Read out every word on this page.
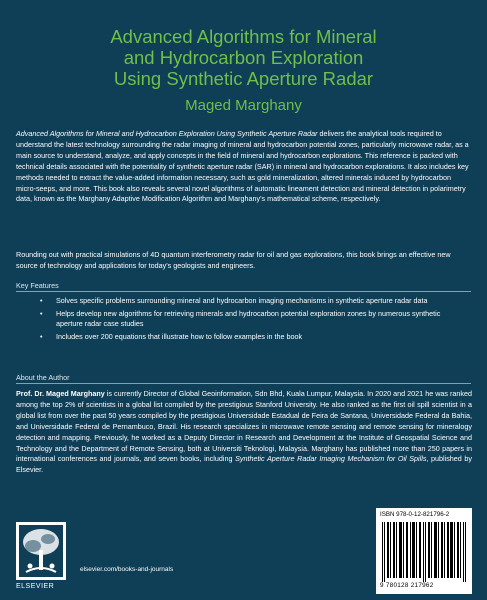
Advanced Algorithms for Mineral
and Hydrocarbon Exploration
Using Synthetic Aperture Radar
Maged Marghany
Advanced Algorithms for Mineral and Hydrocarbon Exploration Using Synthetic Aperture Radar delivers the analytical tools required to understand the latest technology surrounding the radar imaging of mineral and hydrocarbon potential zones, particularly microwave radar, as a main source to understand, analyze, and apply concepts in the field of mineral and hydrocarbon explorations. This reference is packed with technical details associated with the potentiality of synthetic aperture radar (SAR) in mineral and hydrocarbon explorations. It also includes key methods needed to extract the value-added information necessary, such as gold mineralization, altered minerals induced by hydrocarbon micro-seeps, and more. This book also reveals several novel algorithms of automatic lineament detection and mineral detection in polarimetry data, known as the Marghany Adaptive Modification Algorithm and Marghany's mathematical scheme, respectively.
Rounding out with practical simulations of 4D quantum interferometry radar for oil and gas explorations, this book brings an effective new source of technology and applications for today's geologists and engineers.
Key Features
• Solves specific problems surrounding mineral and hydrocarbon imaging mechanisms in synthetic aperture radar data
• Helps develop new algorithms for retrieving minerals and hydrocarbon potential exploration zones by numerous synthetic aperture radar case studies
• Includes over 200 equations that illustrate how to follow examples in the book
About the Author
Prof. Dr. Maged Marghany is currently Director of Global Geoinformation, Sdn Bhd, Kuala Lumpur, Malaysia. In 2020 and 2021 he was ranked among the top 2% of scientists in a global list compiled by the prestigious Stanford University. He also ranked as the first oil spill scientist in a global list from over the past 50 years compiled by the prestigious Universidade Estadual de Feira de Santana, Universidade Federal da Bahia, and Universidade Federal de Pernambuco, Brazil. His research specializes in microwave remote sensing and remote sensing for mineralogy detection and mapping. Previously, he worked as a Deputy Director in Research and Development at the Institute of Geospatial Science and Technology and the Department of Remote Sensing, both at Universiti Teknologi, Malaysia. Marghany has published more than 250 papers in international conferences and journals, and seven books, including Synthetic Aperture Radar Imaging Mechanism for Oil Spills, published by Elsevier.
ELSEVIER
elsevier.com/books-and-journals
ISBN 978-0-12-821796-2
9 780128 217962
